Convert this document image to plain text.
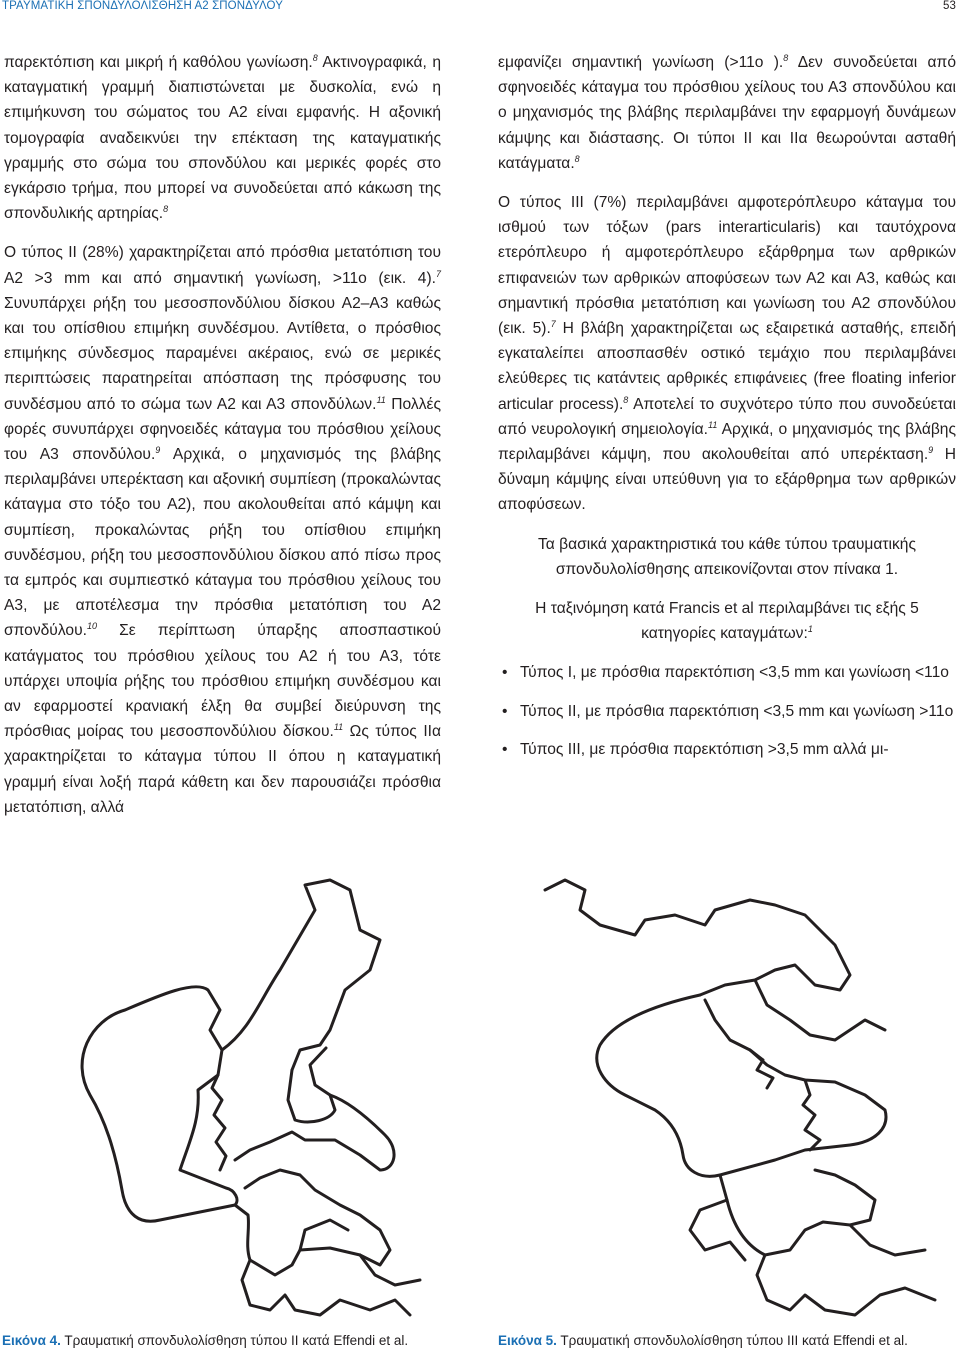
ΤΡΑΥΜΑΤΙΚΗ ΣΠΟΝΔΥΛΟΛΙΣΘΗΣΗ Α2 ΣΠΟΝΔΥΛΟΥ	53

παρεκτόπιση και μικρή ή καθόλου γωνίωση.$^8$ Ακτινογραφικά, η καταγματική γραμμή διαπιστώνεται με δυσκολία, ενώ η επιμήκυνση του σώματος του Α2 είναι εμφανής. Η αξονική τομογραφία αναδεικνύει την επέκταση της καταγματικής γραμμής στο σώμα του σπονδύλου και μερικές φορές στο εγκάρσιο τρήμα, που μπορεί να συνοδεύεται από κάκωση της σπονδυλικής αρτηρίας.$^8$

Ο τύπος ΙΙ (28%) χαρακτηρίζεται από πρόσθια μετατόπιση του Α2 >3 mm και από σημαντική γωνίωση, >11ο (εικ. 4).$^7$ Συνυπάρχει ρήξη του μεσοσπονδύλιου δίσκου Α2–Α3 καθώς και του οπίσθιου επιμήκη συνδέσμου. Αντίθετα, ο πρόσθιος επιμήκης σύνδεσμος παραμένει ακέραιος, ενώ σε μερικές περιπτώσεις παρατηρείται απόσπαση της πρόσφυσης του συνδέσμου από το σώμα των Α2 και Α3 σπονδύλων.$^{11}$ Πολλές φορές συνυπάρχει σφηνοειδές κάταγμα του πρόσθιου χείλους του Α3 σπονδύλου.$^9$ Αρχικά, ο μηχανισμός της βλάβης περιλαμβάνει υπερέκταση και αξονική συμπίεση (προκαλώντας κάταγμα στο τόξο του Α2), που ακολουθείται από κάμψη και συμπίεση, προκαλώντας ρήξη του οπίσθιου επιμήκη συνδέσμου, ρήξη του μεσοσπονδύλιου δίσκου από πίσω προς τα εμπρός και συμπιεστκό κάταγμα του πρόσθιου χείλους του Α3, με αποτέλεσμα την πρόσθια μετατόπιση του Α2 σπονδύλου.$^{10}$ Σε περίπτωση ύπαρξης αποσπαστικού κατάγματος του πρόσθιου χείλους του Α2 ή του Α3, τότε υπάρχει υποψία ρήξης του πρόσθιου επιμήκη συνδέσμου και αν εφαρμοστεί κρανιακή έλξη θα συμβεί διεύρυνση της πρόσθιας μοίρας του μεσοσπονδύλιου δίσκου.$^{11}$ Ως τύπος ΙΙα χαρακτηρίζεται το κάταγμα τύπου ΙΙ όπου η καταγματική γραμμή είναι λοξή παρά κάθετη και δεν παρουσιάζει πρόσθια μετατόπιση, αλλά

εμφανίζει σημαντική γωνίωση (>11ο ).$^8$ Δεν συνοδεύεται από σφηνοειδές κάταγμα του πρόσθιου χείλους του Α3 σπονδύλου και ο μηχανισμός της βλάβης περιλαμβάνει την εφαρμογή δυνάμεων κάμψης και διάστασης. Οι τύποι ΙΙ και ΙΙα θεωρούνται ασταθή κατάγματα.$^8$

Ο τύπος ΙΙΙ (7%) περιλαμβάνει αμφοτερόπλευρο κάταγμα του ισθμού των τόξων (pars interarticularis) και ταυτόχρονα ετερόπλευρο ή αμφοτερόπλευρο εξάρθρημα των αρθρικών επιφανειών των αρθρικών αποφύσεων των Α2 και Α3, καθώς και σημαντική πρόσθια μετατόπιση και γωνίωση του Α2 σπονδύλου (εικ. 5).$^7$ Η βλάβη χαρακτηρίζεται ως εξαιρετικά ασταθής, επειδή εγκαταλείπει αποσπασθέν οστικό τεμάχιο που περιλαμβάνει ελεύθερες τις κατάντεις αρθρικές επιφάνειες (free floating inferior articular process).$^8$ Αποτελεί το συχνότερο τύπο που συνοδεύεται από νευρολογική σημειολογία.$^{11}$ Αρχικά, ο μηχανισμός της βλάβης περιλαμβάνει κάμψη, που ακολουθείται από υπερέκταση.$^9$ Η δύναμη κάμψης είναι υπεύθυνη για το εξάρθρημα των αρθρικών αποφύσεων.

Τα βασικά χαρακτηριστικά του κάθε τύπου τραυματικής σπονδυλολίσθησης απεικονίζονται στον πίνακα 1.

Η ταξινόμηση κατά Francis et al περιλαμβάνει τις εξής 5 κατηγορίες καταγμάτων:$^1$

• Τύπος Ι, με πρόσθια παρεκτόπιση <3,5 mm και γωνίωση <11ο
• Τύπος ΙΙ, με πρόσθια παρεκτόπιση <3,5 mm και γωνίωση >11ο
• Τύπος ΙΙΙ, με πρόσθια παρεκτόπιση >3,5 mm αλλά μι-
Εικόνα 4. Τραυματική σπονδυλολίσθηση τύπου ΙΙ κατά Effendi et al.	Εικόνα 5. Τραυματική σπονδυλολίσθηση τύπου ΙΙΙ κατά Effendi et al.
